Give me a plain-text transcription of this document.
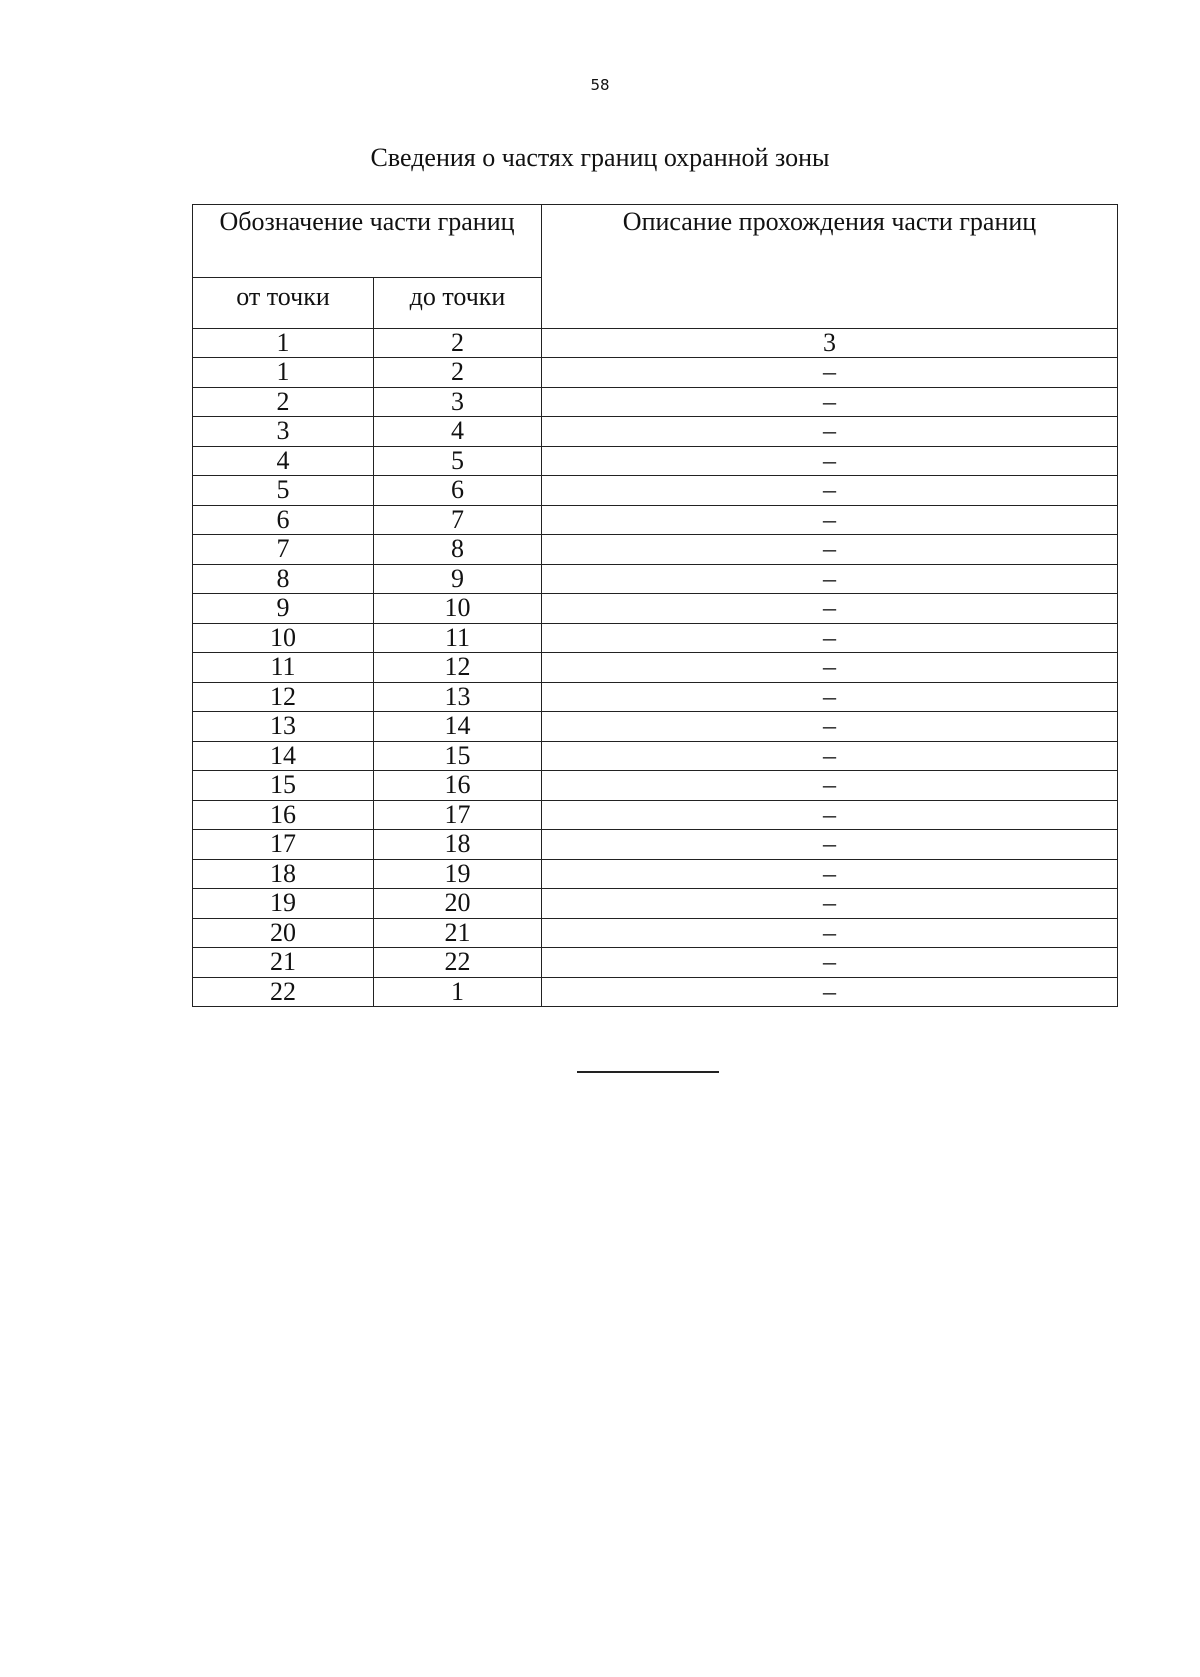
58
Сведения о частях границ охранной зоны
Обозначение части границ		Описание прохождения части границ
от точки	до точки	
1	2	3
1	2	–
2	3	–
3	4	–
4	5	–
5	6	–
6	7	–
7	8	–
8	9	–
9	10	–
10	11	–
11	12	–
12	13	–
13	14	–
14	15	–
15	16	–
16	17	–
17	18	–
18	19	–
19	20	–
20	21	–
21	22	–
22	1	–
